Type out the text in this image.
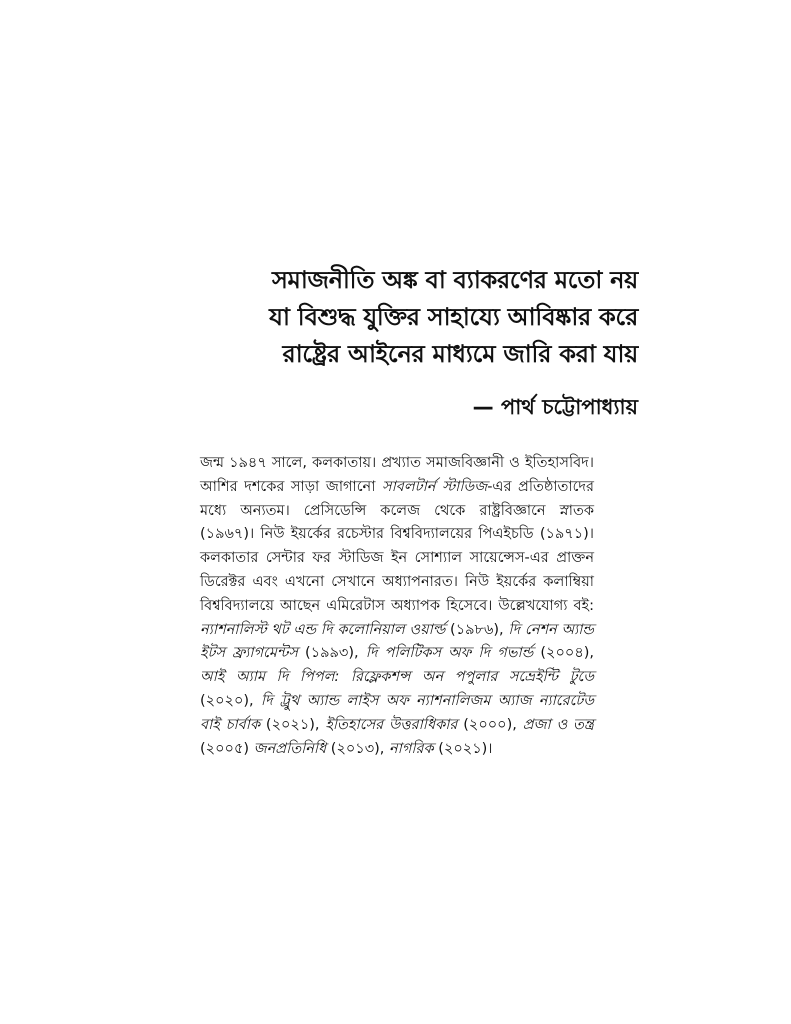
সমাজনীতি অঙ্ক বা ব্যাকরণের মতো নয়
যা বিশুদ্ধ যুক্তির সাহায্যে আবিষ্কার করে
রাষ্ট্রের আইনের মাধ্যমে জারি করা যায়
— পার্থ চট্টোপাধ্যায়

জন্ম ১৯৪৭ সালে, কলকাতায়। প্রখ্যাত সমাজবিজ্ঞানী ও ইতিহাসবিদ। আশির দশকের সাড়া জাগানো সাবলটার্ন স্টাডিজ-এর প্রতিষ্ঠাতাদের মধ্যে অন্যতম। প্রেসিডেন্সি কলেজ থেকে রাষ্ট্রবিজ্ঞানে স্নাতক (১৯৬৭)। নিউ ইয়র্কের রচেস্টার বিশ্ববিদ্যালয়ের পিএইচডি (১৯৭১)। কলকাতার সেন্টার ফর স্টাডিজ ইন সোশ্যাল সায়েন্সেস-এর প্রাক্তন ডিরেক্টর এবং এখনো সেখানে অধ্যাপনারত। নিউ ইয়র্কের কলাম্বিয়া বিশ্ববিদ্যালয়ে আছেন এমিরেটাস অধ্যাপক হিসেবে। উল্লেখযোগ্য বই: ন্যাশনালিস্ট থট এন্ড দি কলোনিয়াল ওয়ার্ল্ড (১৯৮৬), দি নেশন অ্যান্ড ইটস ফ্র্যাগমেন্টস (১৯৯৩), দি পলিটিকস অফ দি গভার্ন্ড (২০০৪), আই অ্যাম দি পিপল: রিফ্লেকশন্স অন পপুলার সভ্রেইন্টি টুডে (২০২০), দি ট্রুথ অ্যান্ড লাইস অফ ন্যাশনালিজম অ্যাজ ন্যারেটেড বাই চার্বাক (২০২১), ইতিহাসের উত্তরাধিকার (২০০০), প্রজা ও তন্ত্র (২০০৫) জনপ্রতিনিধি (২০১৩), নাগরিক (২০২১)।
